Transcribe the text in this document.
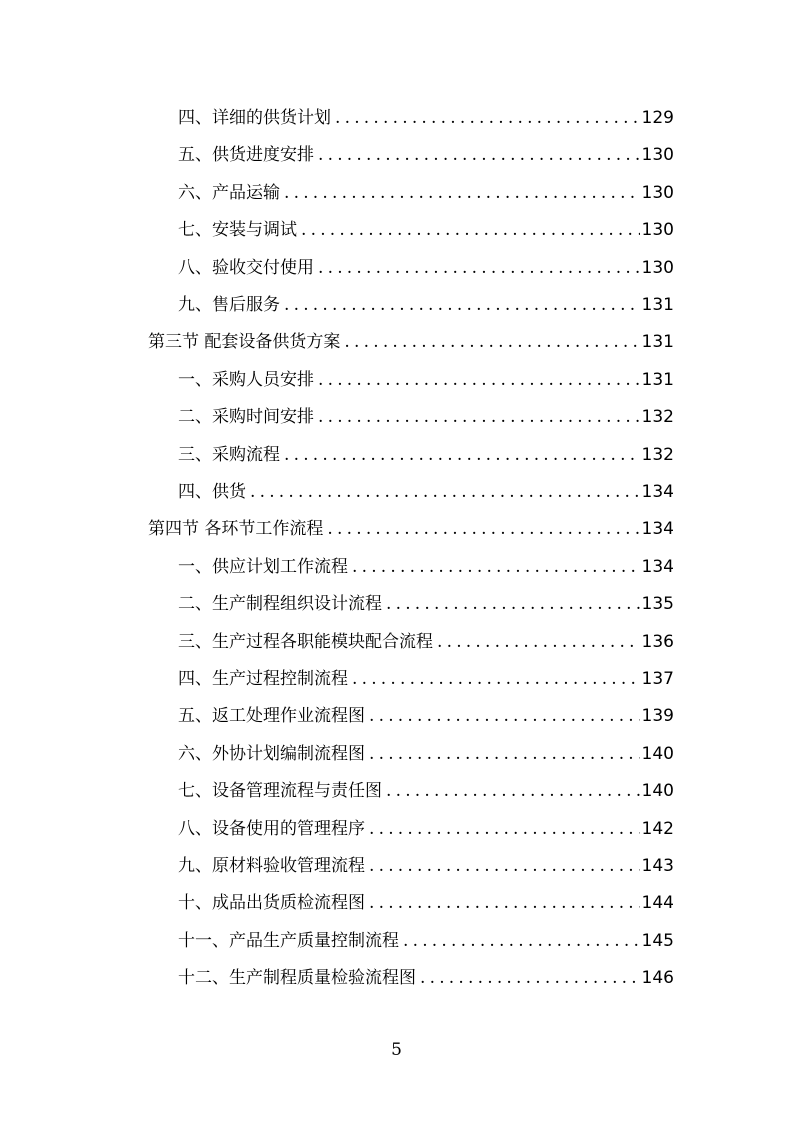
四、详细的供货计划 .....	129
五、供货进度安排 .....	130
六、产品运输 .....	130
七、安装与调试 .....	130
八、验收交付使用 .....	130
九、售后服务 .....	131
第三节 配套设备供货方案 .....	131
一、采购人员安排 .....	131
二、采购时间安排 .....	132
三、采购流程 .....	132
四、供货 .....	134
第四节 各环节工作流程 .....	134
一、供应计划工作流程 .....	134
二、生产制程组织设计流程 .....	135
三、生产过程各职能模块配合流程 .....	136
四、生产过程控制流程 .....	137
五、返工处理作业流程图 .....	139
六、外协计划编制流程图 .....	140
七、设备管理流程与责任图 .....	140
八、设备使用的管理程序 .....	142
九、原材料验收管理流程 .....	143
十、成品出货质检流程图 .....	144
十一、产品生产质量控制流程 .....	145
十二、生产制程质量检验流程图 .....	146
5
